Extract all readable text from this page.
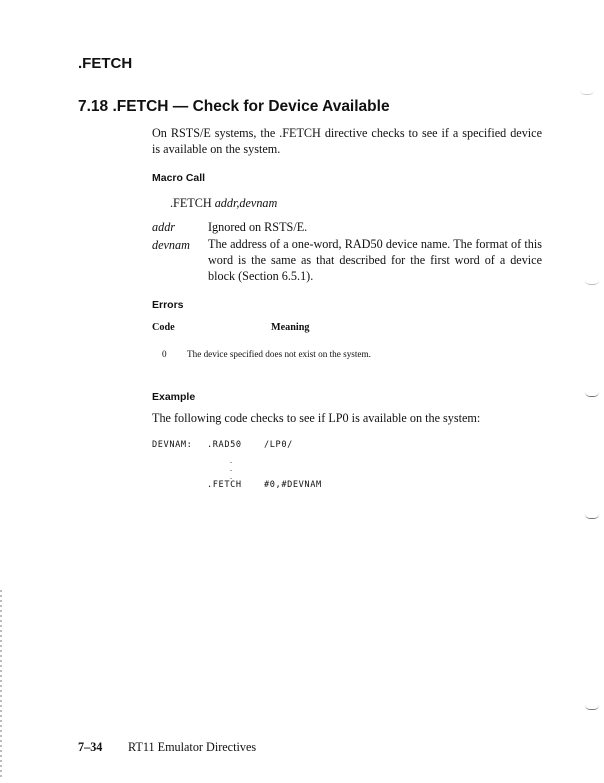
.FETCH
7.18 .FETCH — Check for Device Available
On RSTS/E systems, the .FETCH directive checks to see if a specified device is available on the system.
Macro Call
.FETCH addr,devnam
addr	Ignored on RSTS/E.
devnam The address of a one-word, RAD50 device name. The format of this word is the same as that described for the first word of a device block (Section 6.5.1).
Errors
Code	Meaning
0 The device specified does not exist on the system.
Example
The following code checks to see if LP0 is available on the system:
DEVNAM: .RAD50	/LP0/
.
.
.
.FETCH	#0,#DEVNAM
7–34 RT11 Emulator Directives
